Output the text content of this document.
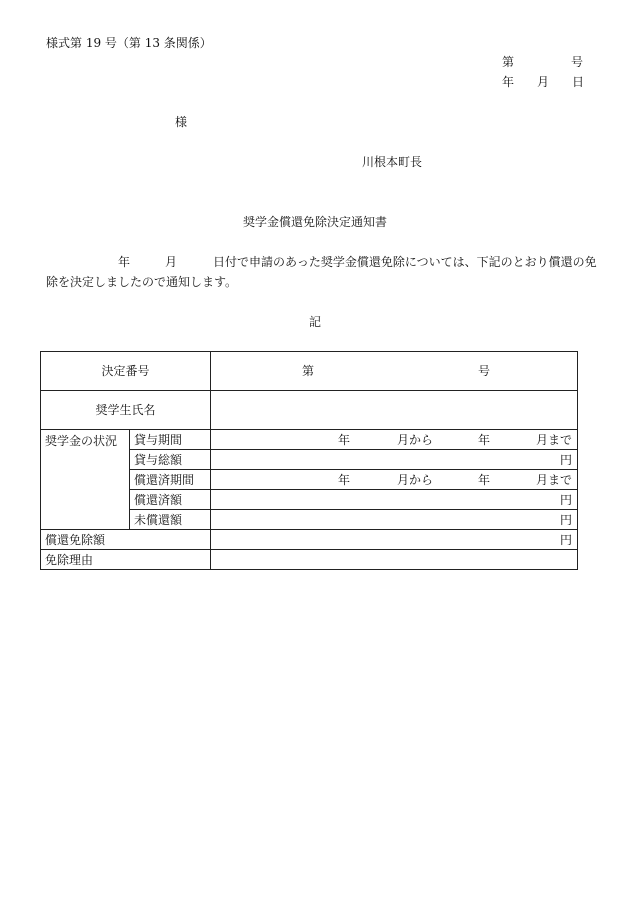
様式第 19 号（第 13 条関係）
第	号
年 月 日
様
川根本町長
奨学金償還免除決定通知書
年	月	日付で申請のあった奨学金償還免除については、下記のとおり償還の免
除を決定しましたので通知します。
記
決定番号		第 号

奨学生氏名		
奨学金の状況	貸与期間	年 月から 年 月まで

	貸与総額	円
	償還済期間	年 月から 年 月まで

	償還済額	円
	未償還額	円
償還免除額		円
免除理由		
